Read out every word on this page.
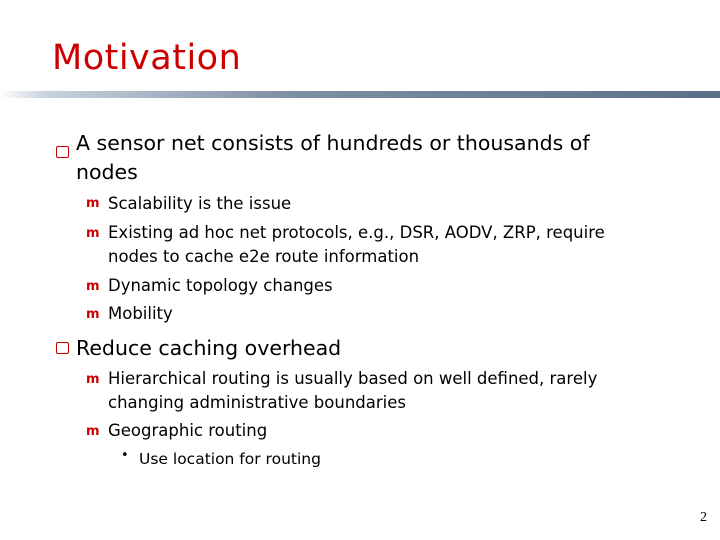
Motivation
A sensor net consists of hundreds or thousands of
nodes
m Scalability is the issue
m Existing ad hoc net protocols, e.g., DSR, AODV, ZRP, require
nodes to cache e2e route information
m Dynamic topology changes
m Mobility
Reduce caching overhead
m Hierarchical routing is usually based on well defined, rarely
changing administrative boundaries
m Geographic routing
• Use location for routing
2
